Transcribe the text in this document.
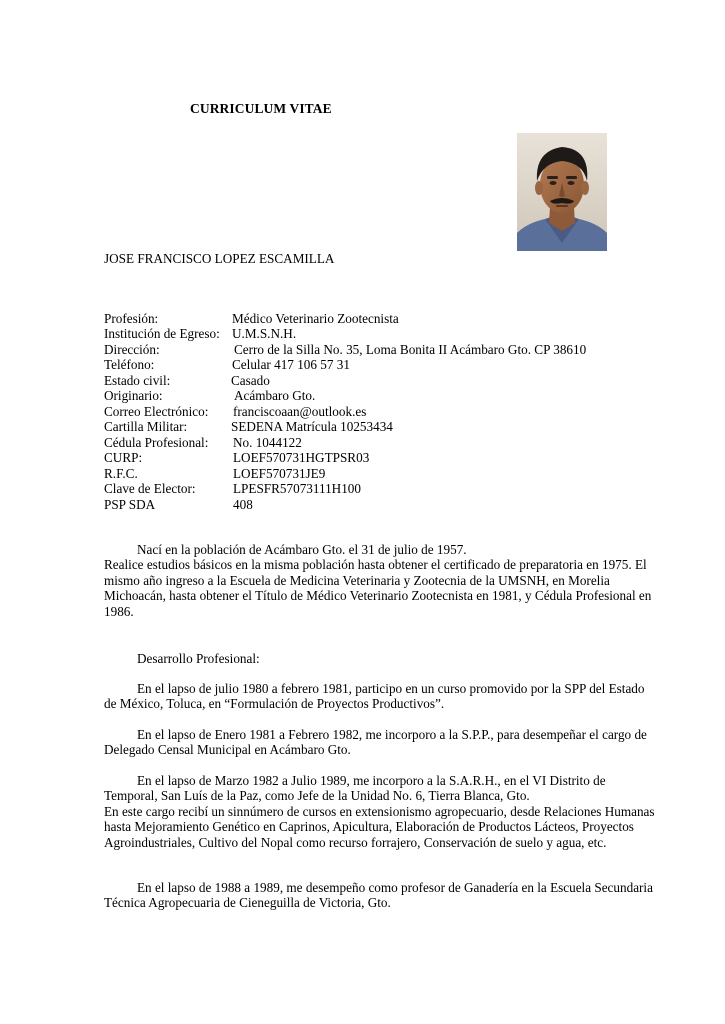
CURRICULUM VITAE
JOSE FRANCISCO LOPEZ ESCAMILLA
Profesión:	Médico Veterinario Zootecnista
Institución de Egreso: U.M.S.N.H.
Dirección:	Cerro de la Silla No. 35, Loma Bonita II Acámbaro Gto. CP 38610
Teléfono:	Celular 417 106 57 31
Estado civil:	Casado
Originario:	Acámbaro Gto.
Correo Electrónico: franciscoaan@outlook.es
Cartilla Militar:	SEDENA Matrícula 10253434
Cédula Profesional: No. 1044122
CURP:	LOEF570731HGTPSR03
R.F.C.	LOEF570731JE9
Clave de Elector:	LPESFR57073111H100
PSP SDA	408

Nací en la población de Acámbaro Gto. el 31 de julio de 1957.

Realice estudios básicos en la misma población hasta obtener el certificado de preparatoria en 1975. El mismo año ingreso a la Escuela de Medicina Veterinaria y Zootecnia de la UMSNH, en Morelia Michoacán, hasta obtener el Título de Médico Veterinario Zootecnista en 1981, y Cédula Profesional en 1986.

Desarrollo Profesional:

En el lapso de julio 1980 a febrero 1981, participo en un curso promovido por la SPP del Estado de México, Toluca, en “Formulación de Proyectos Productivos”.

En el lapso de Enero 1981 a Febrero 1982, me incorporo a la S.P.P., para desempeñar el cargo de Delegado Censal Municipal en Acámbaro Gto.

En el lapso de Marzo 1982 a Julio 1989, me incorporo a la S.A.R.H., en el VI Distrito de Temporal, San Luís de la Paz, como Jefe de la Unidad No. 6, Tierra Blanca, Gto.

En este cargo recibí un sinnúmero de cursos en extensionismo agropecuario, desde Relaciones Humanas hasta Mejoramiento Genético en Caprinos, Apicultura, Elaboración de Productos Lácteos, Proyectos Agroindustriales, Cultivo del Nopal como recurso forrajero, Conservación de suelo y agua, etc.

En el lapso de 1988 a 1989, me desempeño como profesor de Ganadería en la Escuela Secundaria Técnica Agropecuaria de Cieneguilla de Victoria, Gto.
